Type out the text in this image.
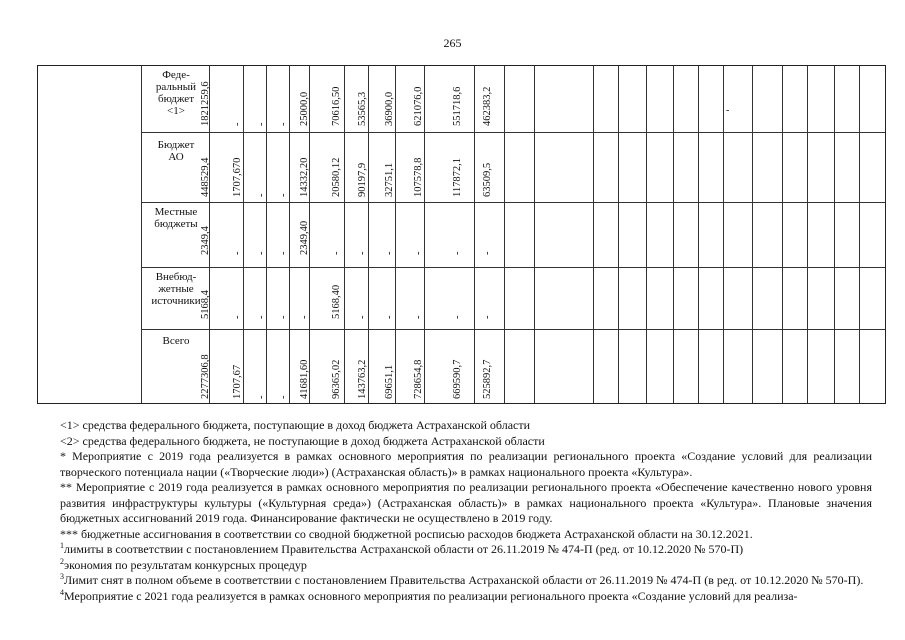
265
Феде-
ральный
бюджет
<1>	1821259,6 - - - 25000,0 70616,50 53565,3 36900,0 621076,0	551718,6 462383,2
Бюджет
АО
448529,4 1707,670 - - 14332,20 20580,12 90197,9 32751,1 107578,8	117872,1 63509,5
Местные
бюджеты
2349,4 - - - 2349,40 - - - -	- -
Внебюд-
жетные
источники 5168,4 - - - - 5168,40 - - -	- -
Всего
2277306,8 1707,67 - - 41681,60 96365,02 143763,2 69651,1 728654,8	669590,7 525892,7
-

<1> средства федерального бюджета, поступающие в доход бюджета Астраханской области

<2> средства федерального бюджета, не поступающие в доход бюджета Астраханской области

* Мероприятие с 2019 года реализуется в рамках основного мероприятия по реализации регионального проекта «Создание условий для реализации творческого потенциала нации («Творческие люди») (Астраханская область)» в рамках национального проекта «Культура».

** Мероприятие с 2019 года реализуется в рамках основного мероприятия по реализации регионального проекта «Обеспечение качественно нового уровня развития инфраструктуры культуры («Культурная среда») (Астраханская область)» в рамках национального проекта «Культура». Плановые значения бюджетных ассигнований 2019 года. Финансирование фактически не осуществлено в 2019 году.

*** бюджетные ассигнования в соответствии со сводной бюджетной росписью расходов бюджета Астраханской области на 30.12.2021.

$^1$лимиты в соответствии с постановлением Правительства Астраханской области от 26.11.2019 № 474-П (ред. от 10.12.2020 № 570-П)

$^2$экономия по результатам конкурсных процедур

$^3$Лимит снят в полном объеме в соответствии с постановлением Правительства Астраханской области от 26.11.2019 № 474-П (в ред. от 10.12.2020 № 570-П).

$^4$Мероприятие с 2021 года реализуется в рамках основного мероприятия по реализации регионального проекта «Создание условий для реализа-
